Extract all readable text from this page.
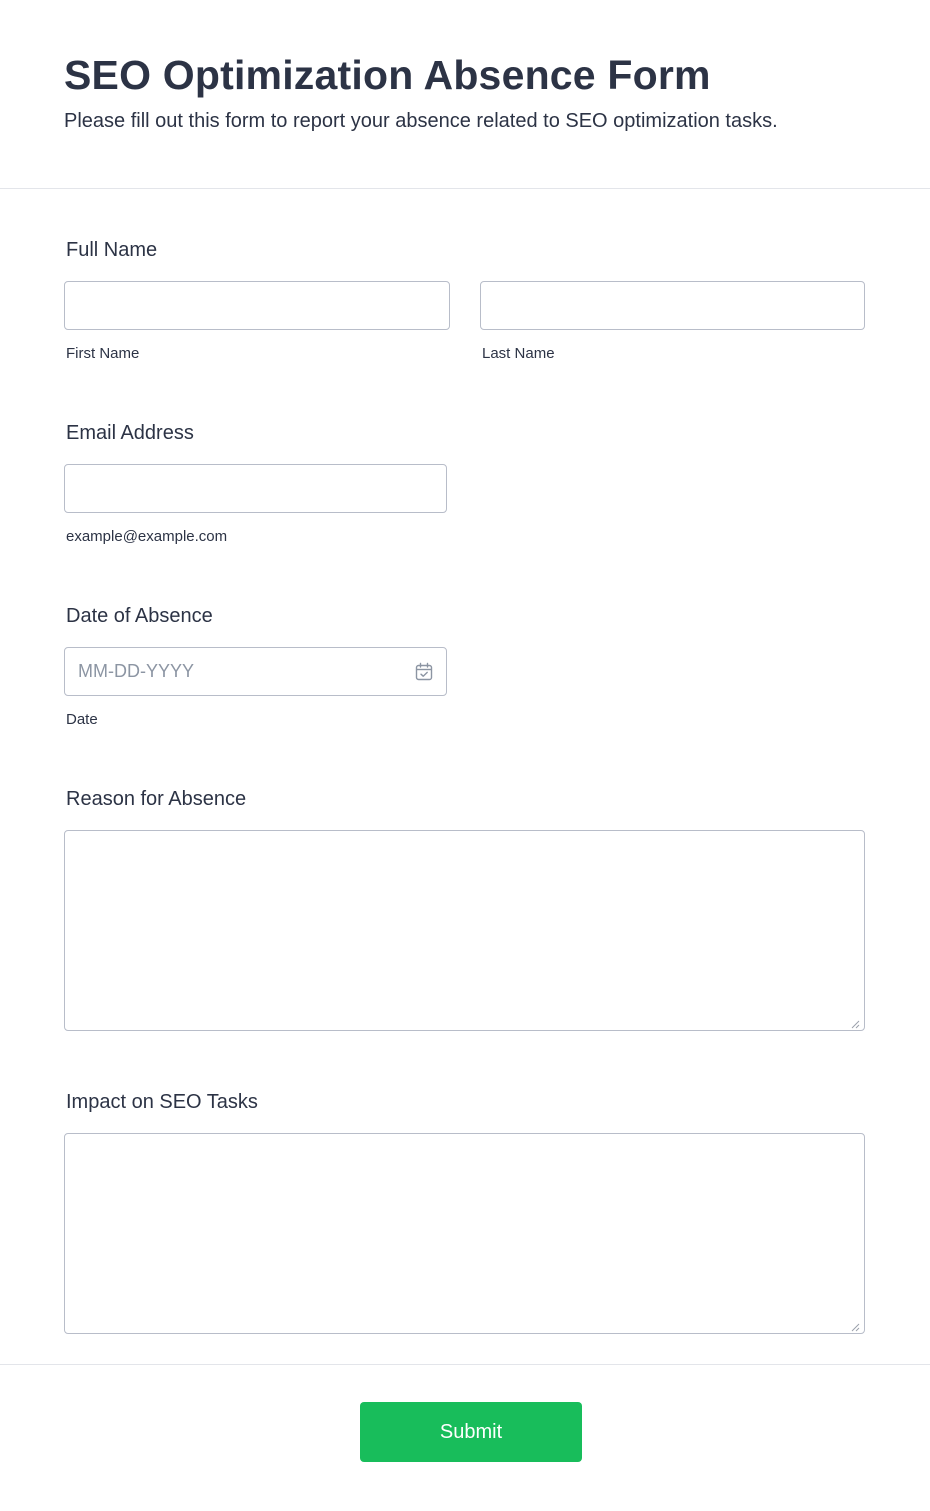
SEO Optimization Absence Form

Please fill out this form to report your absence related to SEO optimization tasks.

Full Name
First Name	Last Name
Email Address
example@example.com
Date of Absence
MM-DD-YYYY
Date
Reason for Absence
Impact on SEO Tasks
Submit
